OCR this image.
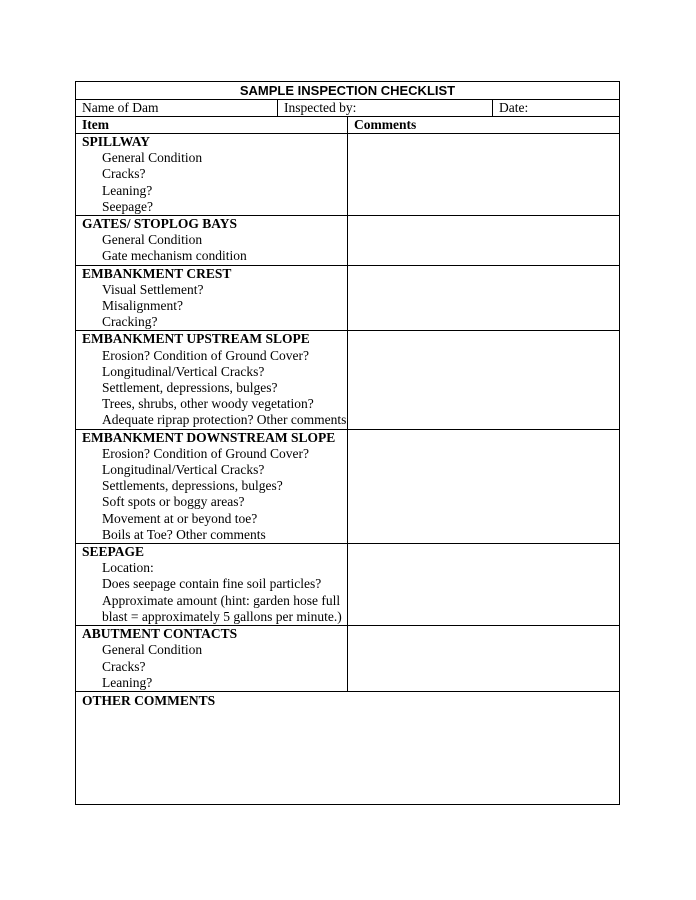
SAMPLE INSPECTION CHECKLIST
Name of Dam	Inspected by:	Date:
Item	Comments
SPILLWAY
General Condition
Cracks?
Leaning?
Seepage?
GATES/ STOPLOG BAYS
General Condition
Gate mechanism condition
EMBANKMENT CREST
Visual Settlement?
Misalignment?
Cracking?
EMBANKMENT UPSTREAM SLOPE
Erosion? Condition of Ground Cover?
Longitudinal/Vertical Cracks?
Settlement, depressions, bulges?
Trees, shrubs, other woody vegetation?
Adequate riprap protection? Other comments
EMBANKMENT DOWNSTREAM SLOPE
Erosion? Condition of Ground Cover?
Longitudinal/Vertical Cracks?
Settlements, depressions, bulges?
Soft spots or boggy areas?
Movement at or beyond toe?
Boils at Toe? Other comments
SEEPAGE
Location:
Does seepage contain fine soil particles?
Approximate amount (hint: garden hose full
blast = approximately 5 gallons per minute.)
ABUTMENT CONTACTS
General Condition
Cracks?
Leaning?
OTHER COMMENTS
